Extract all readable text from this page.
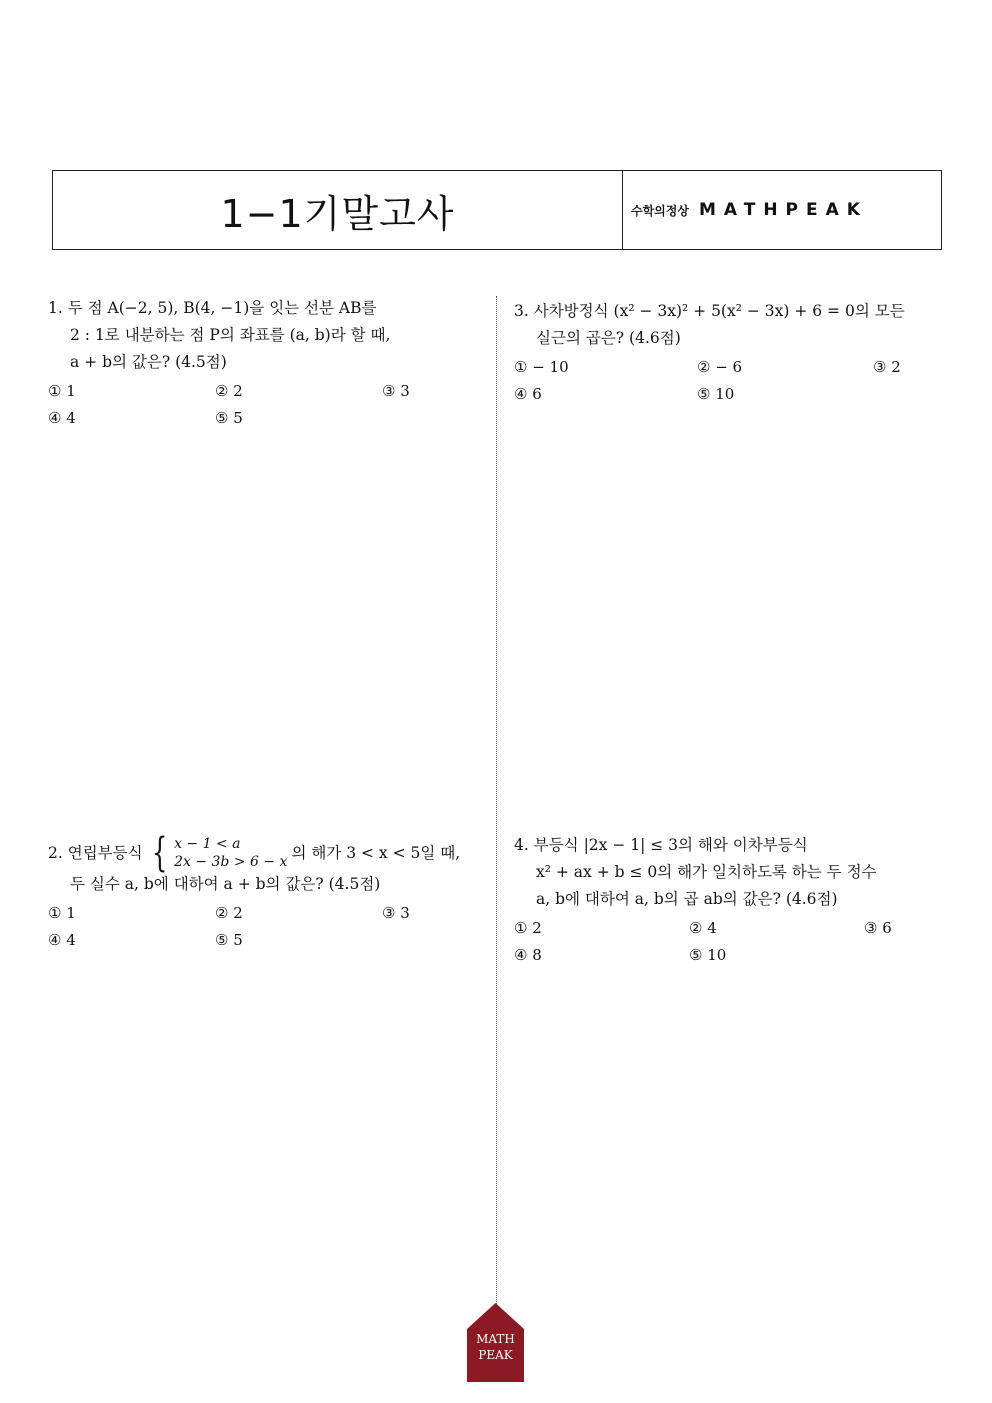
1−1기말고사	수학의정상 MATHPEAK
1. 두 점 A(−2, 5), B(4, −1)을 잇는 선분 AB를
2 : 1로 내분하는 점 P의 좌표를 (a, b)라 할 때,
a + b의 값은? (4.5점)
① 1	② 2	③ 3
④ 4	⑤ 5
2.
연립부등식 { x − 1 < a
2x − 3b > 6 − x
의 해가 3 < x < 5일 때,
두 실수 a, b에 대하여 a + b의 값은? (4.5점)
① 1	② 2	③ 3
④ 4	⑤ 5
3. 사차방정식 (x² − 3x)² + 5(x² − 3x) + 6 = 0의 모든
실근의 곱은? (4.6점)
① − 10	② − 6	③ 2
④ 6	⑤ 10
4. 부등식 |2x − 1| ≤ 3의 해와 이차부등식
x² + ax + b ≤ 0의 해가 일치하도록 하는 두 정수
a, b에 대하여 a, b의 곱 ab의 값은? (4.6점)
① 2	② 4	③ 6
④ 8	⑤ 10
MATH
PEAK
